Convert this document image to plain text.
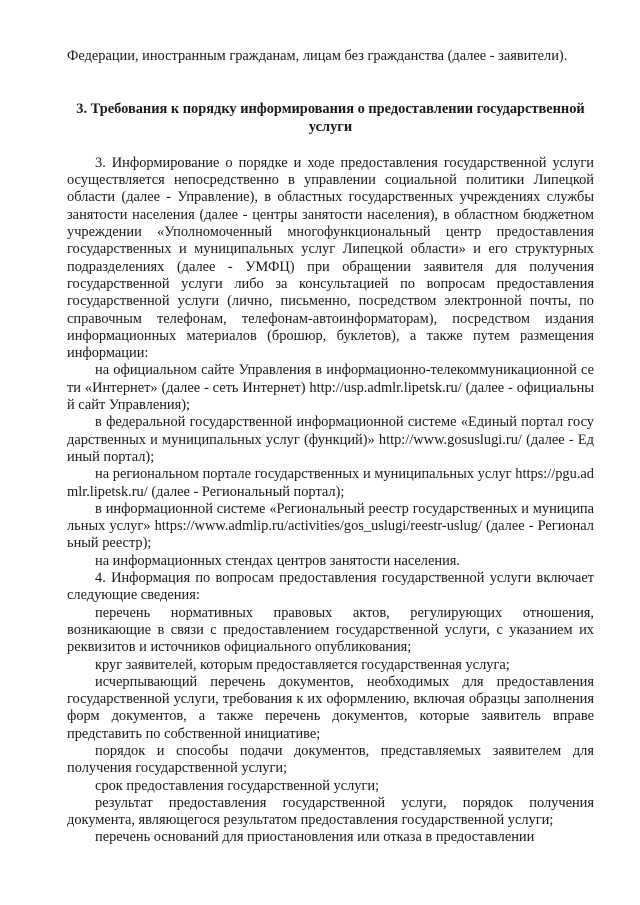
Федерации, иностранным гражданам, лицам без гражданства (далее - заявители).

3. Требования к порядку информирования о предоставлении государственной услуги

3. Информирование о порядке и ходе предоставления государственной услуги осуществляется непосредственно в управлении социальной политики Липецкой области (далее - Управление), в областных государственных учреждениях службы занятости населения (далее - центры занятости населения), в областном бюджетном учреждении «Уполномоченный многофункциональный центр предоставления государственных и муниципальных услуг Липецкой области» и его структурных подразделениях (далее - УМФЦ) при обращении заявителя для получения государственной услуги либо за консультацией по вопросам предоставления государственной услуги (лично, письменно, посредством электронной почты, по справочным телефонам, телефонам-автоинформаторам), посредством издания информационных материалов (брошюр, буклетов), а также путем размещения информации:

на официальном сайте Управления в информационно-телекоммуникационной сети «Интернет» (далее - сеть Интернет) http://usp.admlr.lipetsk.ru/ (далее - официальный сайт Управления);

в федеральной государственной информационной системе «Единый портал государственных и муниципальных услуг (функций)» http://www.gosuslugi.ru/ (далее - Единый портал);

на региональном портале государственных и муниципальных услуг https://pgu.admlr.lipetsk.ru/ (далее - Региональный портал);

в информационной системе «Региональный реестр государственных и муниципальных услуг» https://www.admlip.ru/activities/gos_uslugi/reestr-uslug/ (далее - Региональный реестр);

на информационных стендах центров занятости населения.

4. Информация по вопросам предоставления государственной услуги включает следующие сведения:

перечень нормативных правовых актов, регулирующих отношения, возникающие в связи с предоставлением государственной услуги, с указанием их реквизитов и источников официального опубликования;

круг заявителей, которым предоставляется государственная услуга;

исчерпывающий перечень документов, необходимых для предоставления государственной услуги, требования к их оформлению, включая образцы заполнения форм документов, а также перечень документов, которые заявитель вправе представить по собственной инициативе;

порядок и способы подачи документов, представляемых заявителем для получения государственной услуги;

срок предоставления государственной услуги;

результат предоставления государственной услуги, порядок получения документа, являющегося результатом предоставления государственной услуги;

перечень оснований для приостановления или отказа в предоставлении
